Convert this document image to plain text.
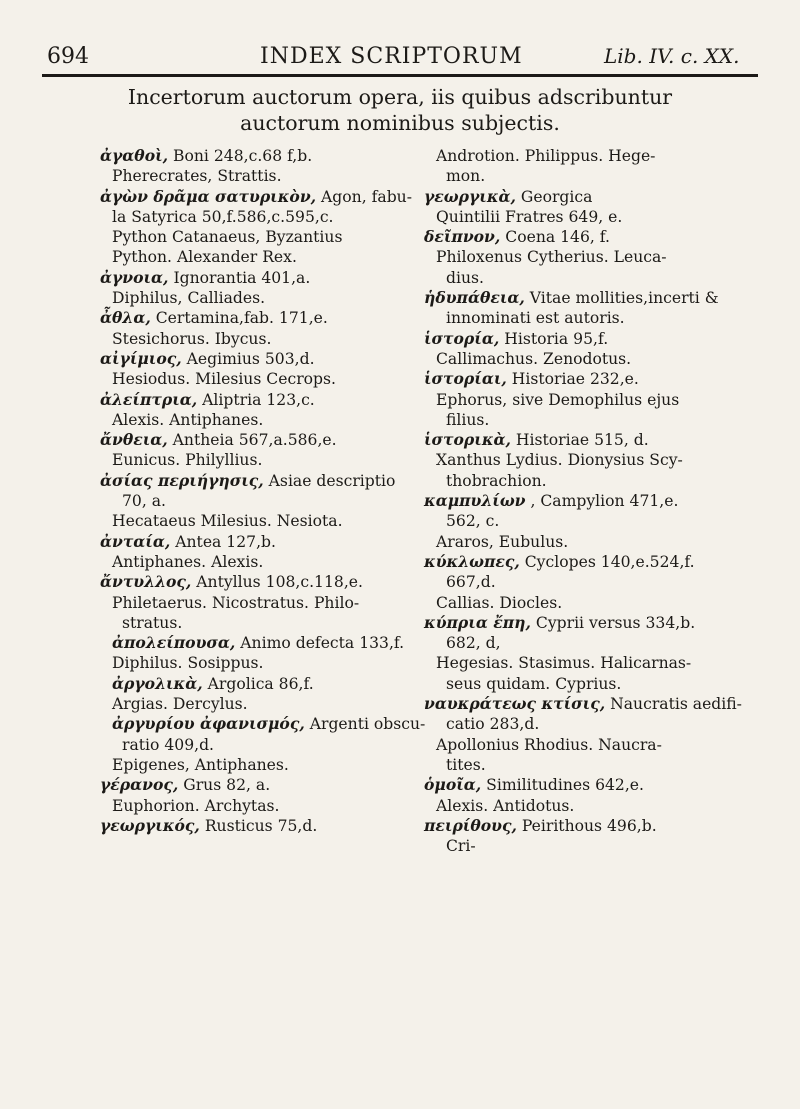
694	INDEX SCRIPTORUM	Lib. IV. c. XX.
Incertorum auctorum opera, iis quibus adscribuntur
auctorum nominibus subjectis.
ἀγαθοὶ, Boni 248,c.68 f,b.
Pherecrates, Strattis.
ἀγὼν δρᾶμα σατυρικὸν, Agon, fabu-
la Satyrica 50,f.586,c.595,c.
Python Catanaeus, Byzantius
Python. Alexander Rex.
ἀγνοια, Ignorantia 401,a.
Diphilus, Calliades.
ἆθλα, Certamina,fab. 171,e.
Stesichorus. Ibycus.
αἰγίμιος, Aegimius 503,d.
Hesiodus. Milesius Cecrops.
ἀλείπτρια, Aliptria 123,c.
Alexis. Antiphanes.
ἄνθεια, Antheia 567,a.586,e.
Eunicus. Philyllius.
ἀσίας περιήγησις, Asiae descriptio
70, a.
Hecataeus Milesius. Nesiota.
ἀνταία, Antea 127,b.
Antiphanes. Alexis.
ἄντυλλος, Antyllus 108,c.118,e.
Philetaerus. Nicostratus. Philo-
stratus.
ἀπολείπουσα, Animo defecta 133,f.
Diphilus. Sosippus.
ἀργολικὰ, Argolica 86,f.
Argias. Dercylus.
ἀργυρίου ἀφανισμός, Argenti obscu-
ratio 409,d.
Epigenes, Antiphanes.
γέρανος, Grus 82, a.
Euphorion. Archytas.
γεωργικός, Rusticus 75,d.
Androtion. Philippus. Hege-
mon.
γεωργικὰ, Georgica
Quintilii Fratres 649, e.
δεῖπνον, Coena 146, f.
Philoxenus Cytherius. Leuca-
dius.
ἡδυπάθεια, Vitae mollities,incerti &
innominati est autoris.
ἱστορία, Historia 95,f.
Callimachus. Zenodotus.
ἱστορίαι, Historiae 232,e.
Ephorus, sive Demophilus ejus
filius.
ἱστορικὰ, Historiae 515, d.
Xanthus Lydius. Dionysius Scy-
thobrachion.
καμπυλίων , Campylion 471,e.
562, c.
Araros, Eubulus.
κύκλωπες, Cyclopes 140,e.524,f.
667,d.
Callias. Diocles.
κύπρια ἔπη, Cyprii versus 334,b.
682, d,
Hegesias. Stasimus. Halicarnas-
seus quidam. Cyprius.
ναυκράτεως κτίσις, Naucratis aedifi-
catio 283,d.
Apollonius Rhodius. Naucra-
tites.
ὁμοῖα, Similitudines 642,e.
Alexis. Antidotus.
πειρίθους, Peirithous 496,b.
Cri-
